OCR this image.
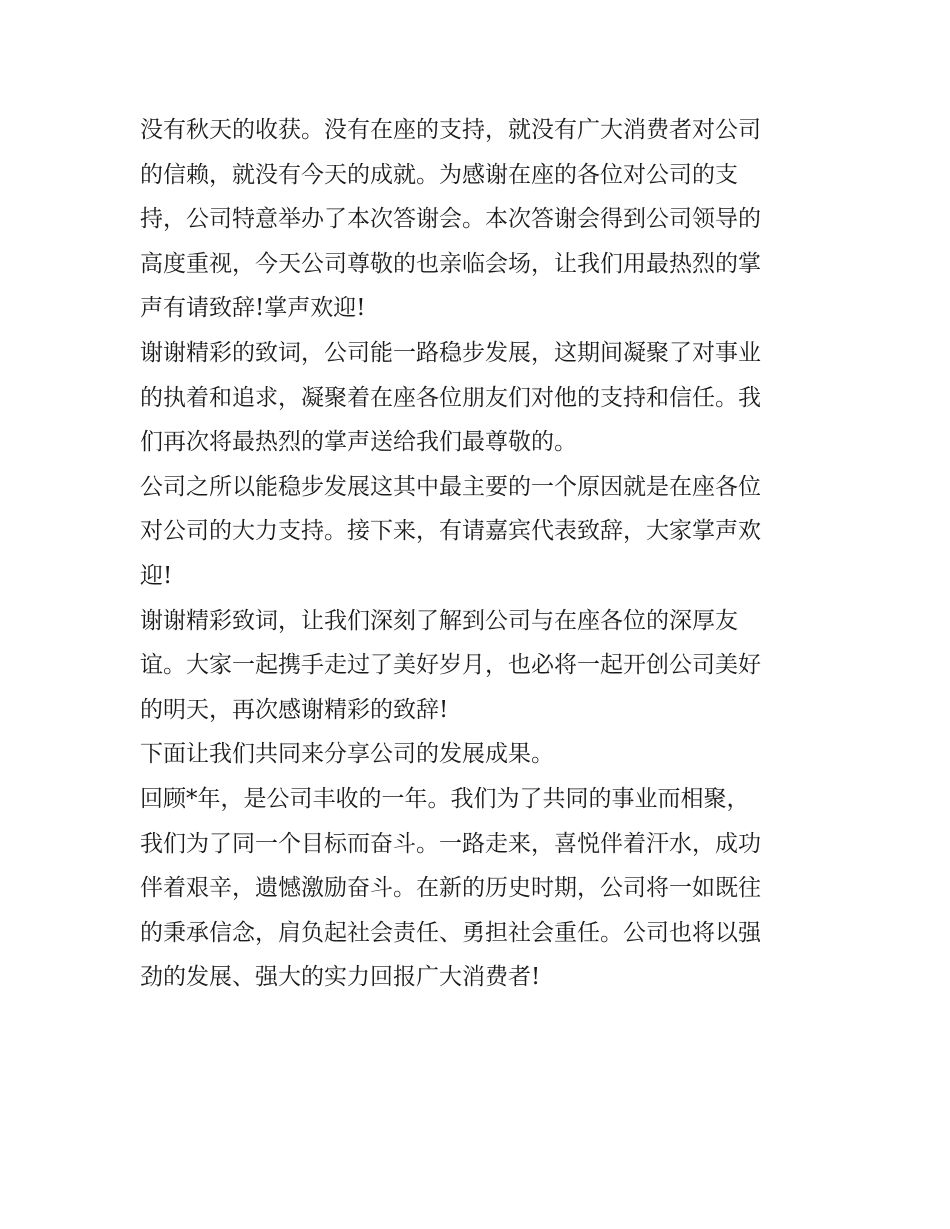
没有秋天的收获。没有在座的支持，就没有广大消费者对公司
的信赖，就没有今天的成就。为感谢在座的各位对公司的支
持，公司特意举办了本次答谢会。本次答谢会得到公司领导的
高度重视，今天公司尊敬的也亲临会场，让我们用最热烈的掌
声有请致辞!掌声欢迎!

谢谢精彩的致词，公司能一路稳步发展，这期间凝聚了对事业
的执着和追求，凝聚着在座各位朋友们对他的支持和信任。我
们再次将最热烈的掌声送给我们最尊敬的。

公司之所以能稳步发展这其中最主要的一个原因就是在座各位
对公司的大力支持。接下来，有请嘉宾代表致辞，大家掌声欢
迎!

谢谢精彩致词，让我们深刻了解到公司与在座各位的深厚友
谊。大家一起携手走过了美好岁月，也必将一起开创公司美好
的明天，再次感谢精彩的致辞!

下面让我们共同来分享公司的发展成果。

回顾*年，是公司丰收的一年。我们为了共同的事业而相聚，
我们为了同一个目标而奋斗。一路走来，喜悦伴着汗水，成功
伴着艰辛，遗憾激励奋斗。在新的历史时期，公司将一如既往
的秉承信念，肩负起社会责任、勇担社会重任。公司也将以强
劲的发展、强大的实力回报广大消费者!
